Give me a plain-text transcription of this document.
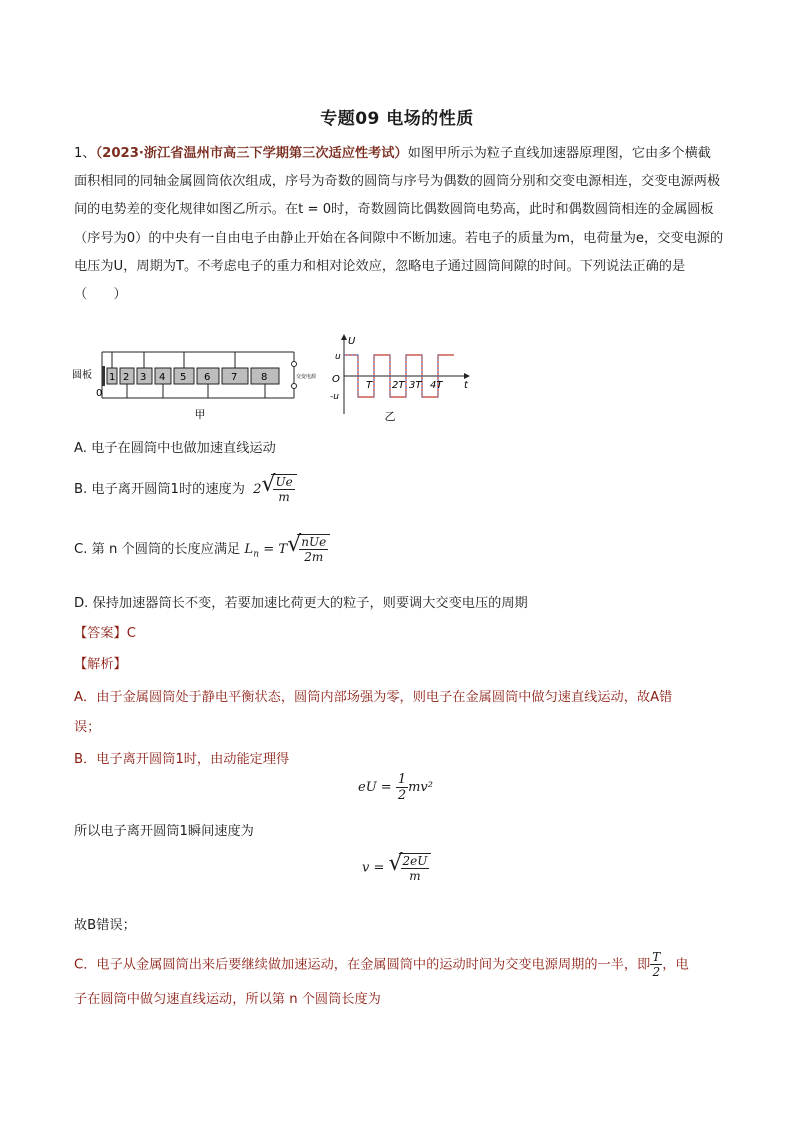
专题09 电场的性质
1、（2023·浙江省温州市高三下学期第三次适应性考试）如图甲所示为粒子直线加速器原理图，它由多个横截面积相同的同轴金属圆筒依次组成，序号为奇数的圆筒与序号为偶数的圆筒分别和交变电源相连，交变电源两极间的电势差的变化规律如图乙所示。在t = 0时，奇数圆筒比偶数圆筒电势高，此时和偶数圆筒相连的金属圆板（序号为0）的中央有一自由电子由静止开始在各间隙中不断加速。若电子的质量为m，电荷量为e，交变电源的电压为U，周期为T。不考虑电子的重力和相对论效应，忽略电子通过圆筒间隙的时间。下列说法正确的是（　　）
圆板
0
1 2 3 4 5 6 7 8	交变电源
甲
U
t
O
u
-u
T 2T 3T 4T
乙
A. 电子在圆筒中也做加速直线运动
B. 电子离开圆筒1时的速度为 2 √
$\frac{Ue}{m}$
C. 第 n 个圆筒的长度应满足 $L_n = T$ √
$\frac{\text{nUe}}{2m}$
D. 保持加速器筒长不变，若要加速比荷更大的粒子，则要调大交变电压的周期
【答案】C
【解析】
A．由于金属圆筒处于静电平衡状态，圆筒内部场强为零，则电子在金属圆筒中做匀速直线运动，故A错
误；
B．电子离开圆筒1时，由动能定理得
eU = $\frac{1}{2} mv^2$
所以电子离开圆筒1瞬间速度为
v = √
$\frac{2eU}{m}$
故B错误；
C．电子从金属圆筒出来后要继续做加速运动，在金属圆筒中的运动时间为交变电源周期的一半，即 $\frac{T}{2}$ ，电
子在圆筒中做匀速直线运动，所以第 n 个圆筒长度为
